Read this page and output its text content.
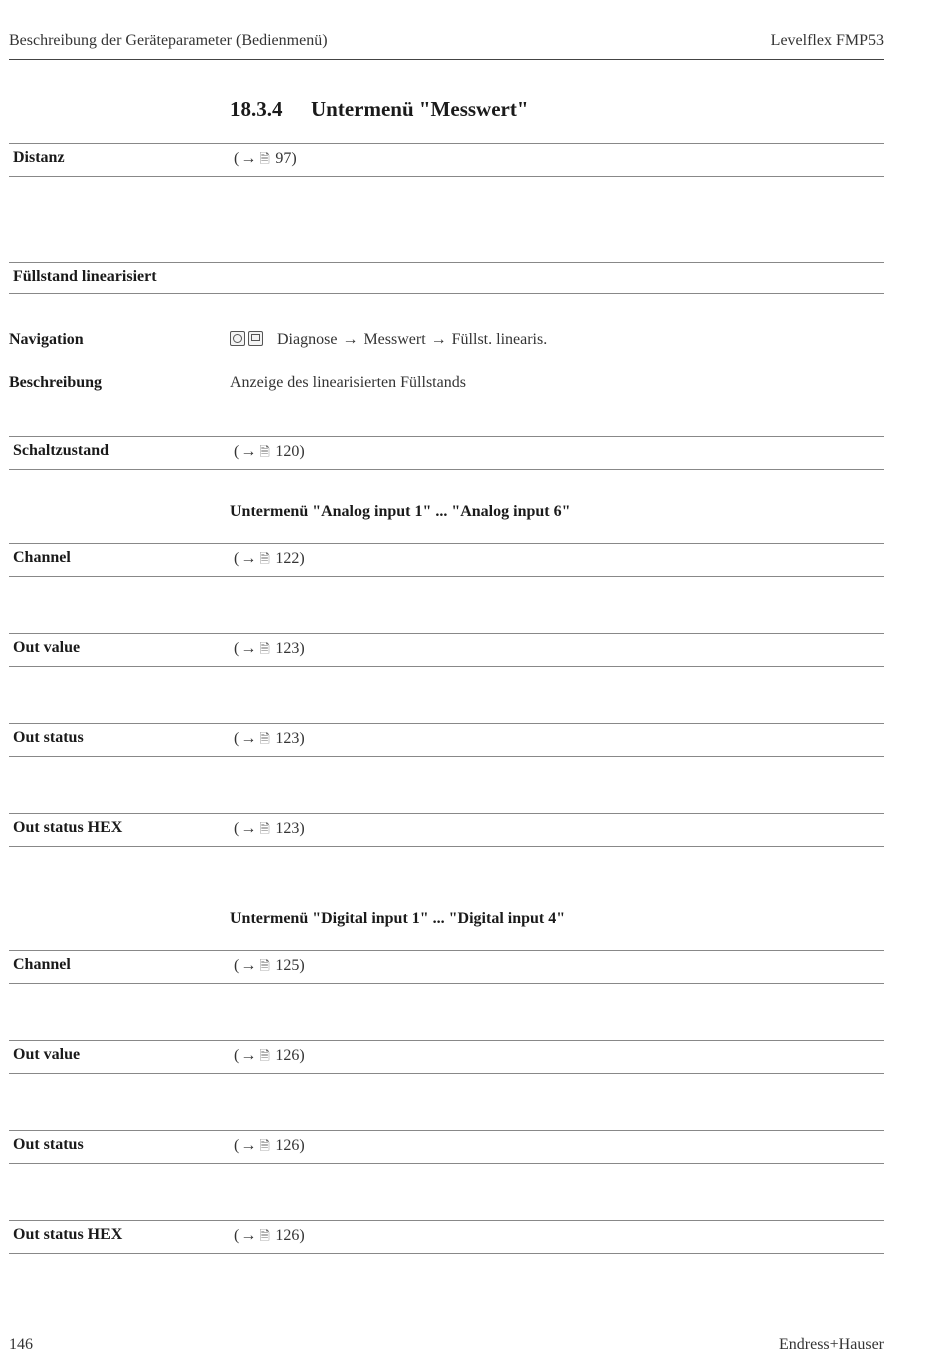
Beschreibung der Geräteparameter (Bedienmenü)	Levelflex FMP53
18.3.4 Untermenü "Messwert"
Distanz	(→ 🗎 97)
Füllstand linearisiert
Navigation	Diagnose → Messwert → Füllst. linearis.
Beschreibung	Anzeige des linearisierten Füllstands
Schaltzustand	(→ 🗎 120)
Untermenü "Analog input 1" ... "Analog input 6"
Channel	(→ 🗎 122)
Out value	(→ 🗎 123)
Out status	(→ 🗎 123)
Out status HEX	(→ 🗎 123)
Untermenü "Digital input 1" ... "Digital input 4"
Channel	(→ 🗎 125)
Out value	(→ 🗎 126)
Out status	(→ 🗎 126)
Out status HEX	(→ 🗎 126)
146	Endress+Hauser
